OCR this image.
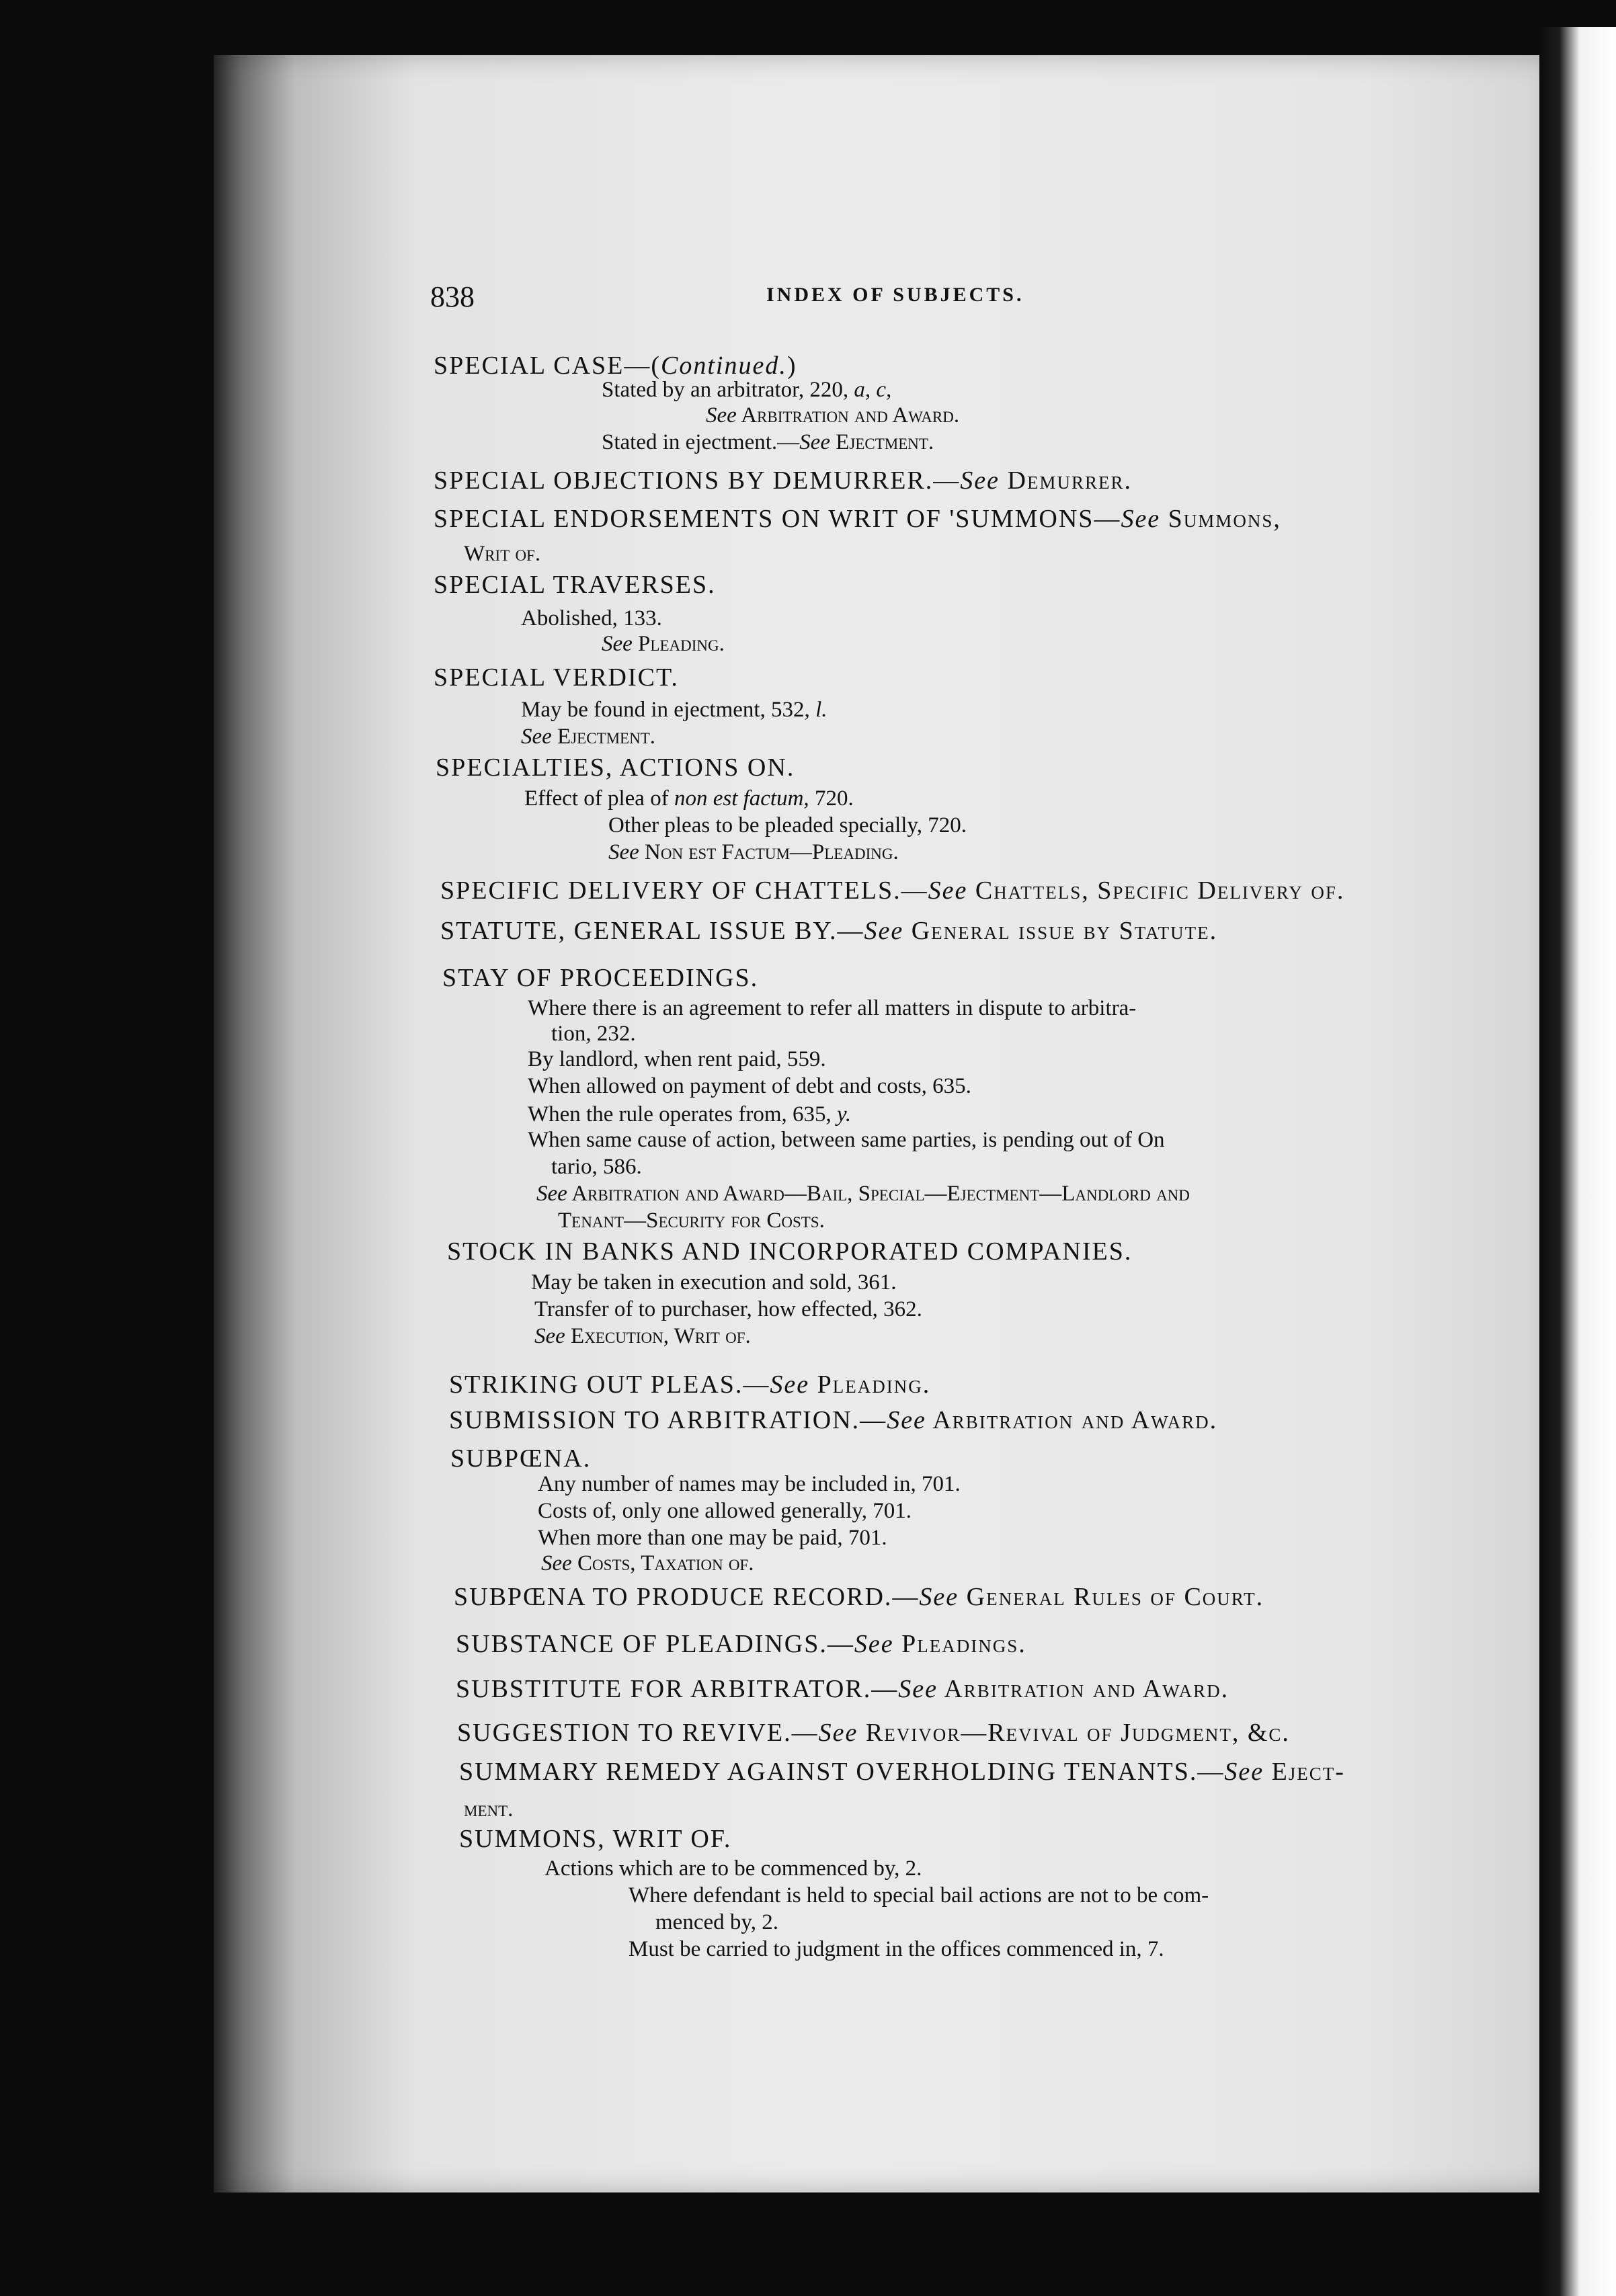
838	INDEX OF SUBJECTS.
SPECIAL CASE—(Continued.)
Stated by an arbitrator, 220, a, c,
See Arbitration and Award.
Stated in ejectment.—See Ejectment.
SPECIAL OBJECTIONS BY DEMURRER.—See Demurrer.
SPECIAL ENDORSEMENTS ON WRIT OF 'SUMMONS—See Summons,
Writ of.
SPECIAL TRAVERSES.
Abolished, 133.
See Pleading.
SPECIAL VERDICT.
May be found in ejectment, 532, l.
See Ejectment.
SPECIALTIES, ACTIONS ON.
Effect of plea of non est factum, 720.
Other pleas to be pleaded specially, 720.
See Non est Factum—Pleading.
SPECIFIC DELIVERY OF CHATTELS.—See Chattels, Specific Delivery of.
STATUTE, GENERAL ISSUE BY.—See General issue by Statute.
STAY OF PROCEEDINGS.
Where there is an agreement to refer all matters in dispute to arbitra-
tion, 232.
By landlord, when rent paid, 559.
When allowed on payment of debt and costs, 635.
When the rule operates from, 635, y.
When same cause of action, between same parties, is pending out of On
tario, 586.
See Arbitration and Award—Bail, Special—Ejectment—Landlord and
Tenant—Security for Costs.
STOCK IN BANKS AND INCORPORATED COMPANIES.
May be taken in execution and sold, 361.
Transfer of to purchaser, how effected, 362.
See Execution, Writ of.
STRIKING OUT PLEAS.—See Pleading.
SUBMISSION TO ARBITRATION.—See Arbitration and Award.
SUBPŒNA.
Any number of names may be included in, 701.
Costs of, only one allowed generally, 701.
When more than one may be paid, 701.
See Costs, Taxation of.
SUBPŒNA TO PRODUCE RECORD.—See General Rules of Court.
SUBSTANCE OF PLEADINGS.—See Pleadings.
SUBSTITUTE FOR ARBITRATOR.—See Arbitration and Award.
SUGGESTION TO REVIVE.—See Revivor—Revival of Judgment, &c.
SUMMARY REMEDY AGAINST OVERHOLDING TENANTS.—See Eject-
ment.
SUMMONS, WRIT OF.
Actions which are to be commenced by, 2.
Where defendant is held to special bail actions are not to be com-
menced by, 2.
Must be carried to judgment in the offices commenced in, 7.
